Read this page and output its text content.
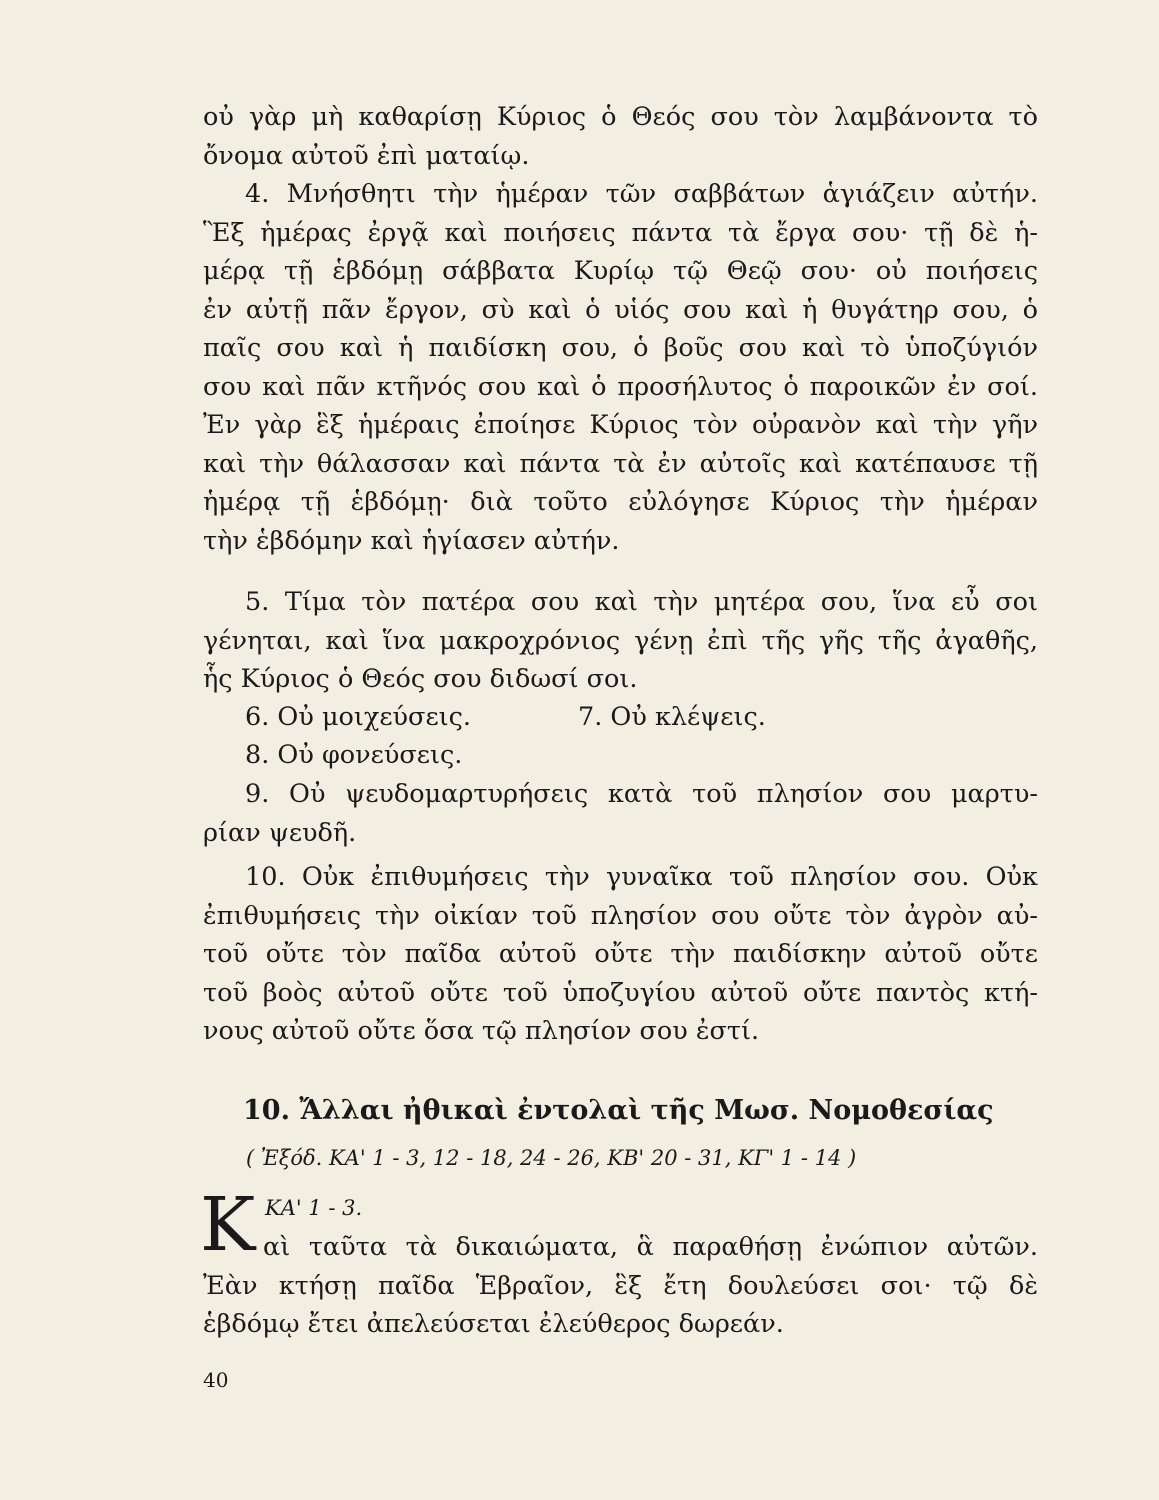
οὐ γὰρ μὴ καθαρίσῃ Κύριος ὁ Θεός σου τὸν λαμβάνοντα τὸ
ὄνομα αὐτοῦ ἐπὶ ματαίῳ.
4. Μνήσθητι τὴν ἡμέραν τῶν σαββάτων ἁγιάζειν αὐτήν.
Ἓξ ἡμέρας ἐργᾷ καὶ ποιήσεις πάντα τὰ ἔργα σου· τῇ δὲ ἡ-
μέρᾳ τῇ ἑβδόμῃ σάββατα Κυρίῳ τῷ Θεῷ σου· οὐ ποιήσεις
ἐν αὐτῇ πᾶν ἔργον, σὺ καὶ ὁ υἱός σου καὶ ἡ θυγάτηρ σου, ὁ
παῖς σου καὶ ἡ παιδίσκη σου, ὁ βοῦς σου καὶ τὸ ὑποζύγιόν
σου καὶ πᾶν κτῆνός σου καὶ ὁ προσήλυτος ὁ παροικῶν ἐν σοί.
Ἐν γὰρ ἓξ ἡμέραις ἐποίησε Κύριος τὸν οὐρανὸν καὶ τὴν γῆν
καὶ τὴν θάλασσαν καὶ πάντα τὰ ἐν αὐτοῖς καὶ κατέπαυσε τῇ
ἡμέρᾳ τῇ ἑβδόμῃ· διὰ τοῦτο εὐλόγησε Κύριος τὴν ἡμέραν
τὴν ἑβδόμην καὶ ἡγίασεν αὐτήν.
5. Τίμα τὸν πατέρα σου καὶ τὴν μητέρα σου, ἵνα εὖ σοι
γένηται, καὶ ἵνα μακροχρόνιος γένῃ ἐπὶ τῆς γῆς τῆς ἀγαθῆς,
ἧς Κύριος ὁ Θεός σου διδωσί σοι.
6. Οὐ μοιχεύσεις.	7. Οὐ κλέψεις.
8. Οὐ φονεύσεις.
9. Οὐ ψευδομαρτυρήσεις κατὰ τοῦ πλησίον σου μαρτυ-
ρίαν ψευδῆ.
10. Οὐκ ἐπιθυμήσεις τὴν γυναῖκα τοῦ πλησίον σου. Οὐκ
ἐπιθυμήσεις τὴν οἰκίαν τοῦ πλησίον σου οὔτε τὸν ἀγρὸν αὐ-
τοῦ οὔτε τὸν παῖδα αὐτοῦ οὔτε τὴν παιδίσκην αὐτοῦ οὔτε
τοῦ βοὸς αὐτοῦ οὔτε τοῦ ὑποζυγίου αὐτοῦ οὔτε παντὸς κτή-
νους αὐτοῦ οὔτε ὅσα τῷ πλησίον σου ἐστί.
10. Ἄλλαι ἠθικαὶ ἐντολαὶ τῆς Μωσ. Νομοθεσίας
( Ἐξόδ. ΚΑ' 1 - 3, 12 - 18, 24 - 26, ΚΒ' 20 - 31, ΚΓ' 1 - 14 )
Κ ΚΑ' 1 - 3.
αὶ ταῦτα τὰ δικαιώματα, ἃ παραθήσῃ ἐνώπιον αὐτῶν.
Ἐὰν κτήσῃ παῖδα Ἑβραῖον, ἓξ ἔτη δουλεύσει σοι· τῷ δὲ
ἑβδόμῳ ἔτει ἀπελεύσεται ἐλεύθερος δωρεάν.
40
